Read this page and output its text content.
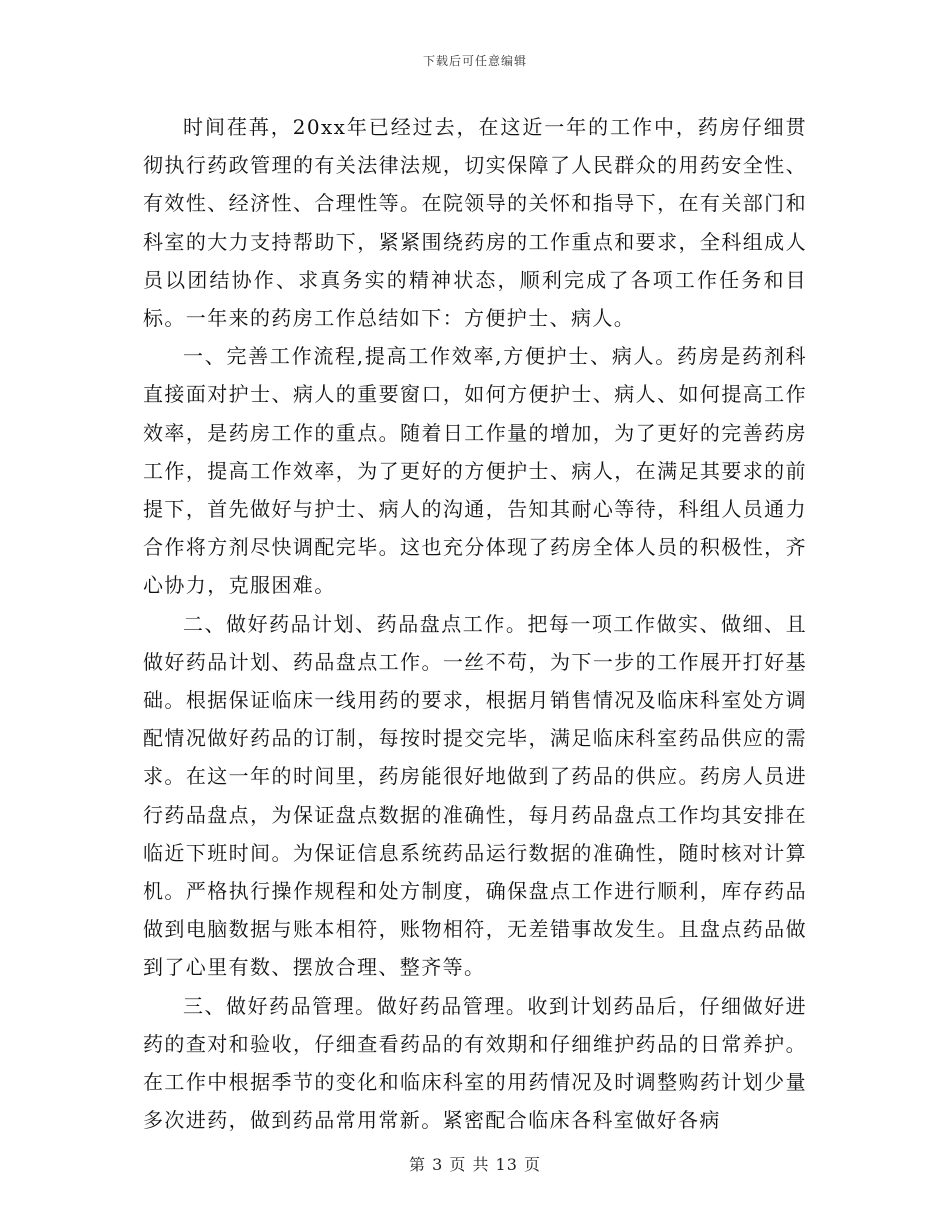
下载后可任意编辑

时间荏苒，20xx年已经过去，在这近一年的工作中，药房仔细贯彻执行药政管理的有关法律法规，切实保障了人民群众的用药安全性、有效性、经济性、合理性等。在院领导的关怀和指导下，在有关部门和科室的大力支持帮助下，紧紧围绕药房的工作重点和要求，全科组成人员以团结协作、求真务实的精神状态，顺利完成了各项工作任务和目标。一年来的药房工作总结如下：方便护士、病人。

一、完善工作流程,提高工作效率,方便护士、病人。药房是药剂科直接面对护士、病人的重要窗口，如何方便护士、病人、如何提高工作效率，是药房工作的重点。随着日工作量的增加，为了更好的完善药房工作，提高工作效率，为了更好的方便护士、病人，在满足其要求的前提下，首先做好与护士、病人的沟通，告知其耐心等待，科组人员通力合作将方剂尽快调配完毕。这也充分体现了药房全体人员的积极性，齐心协力，克服困难。

二、做好药品计划、药品盘点工作。把每一项工作做实、做细、且做好药品计划、药品盘点工作。一丝不苟，为下一步的工作展开打好基础。根据保证临床一线用药的要求，根据月销售情况及临床科室处方调配情况做好药品的订制，每按时提交完毕，满足临床科室药品供应的需求。在这一年的时间里，药房能很好地做到了药品的供应。药房人员进行药品盘点，为保证盘点数据的准确性，每月药品盘点工作均其安排在临近下班时间。为保证信息系统药品运行数据的准确性，随时核对计算机。严格执行操作规程和处方制度，确保盘点工作进行顺利，库存药品做到电脑数据与账本相符，账物相符，无差错事故发生。且盘点药品做到了心里有数、摆放合理、整齐等。

三、做好药品管理。做好药品管理。收到计划药品后，仔细做好进药的查对和验收，仔细查看药品的有效期和仔细维护药品的日常养护。在工作中根据季节的变化和临床科室的用药情况及时调整购药计划少量多次进药，做到药品常用常新。紧密配合临床各科室做好各病

第 3 页 共 13 页
